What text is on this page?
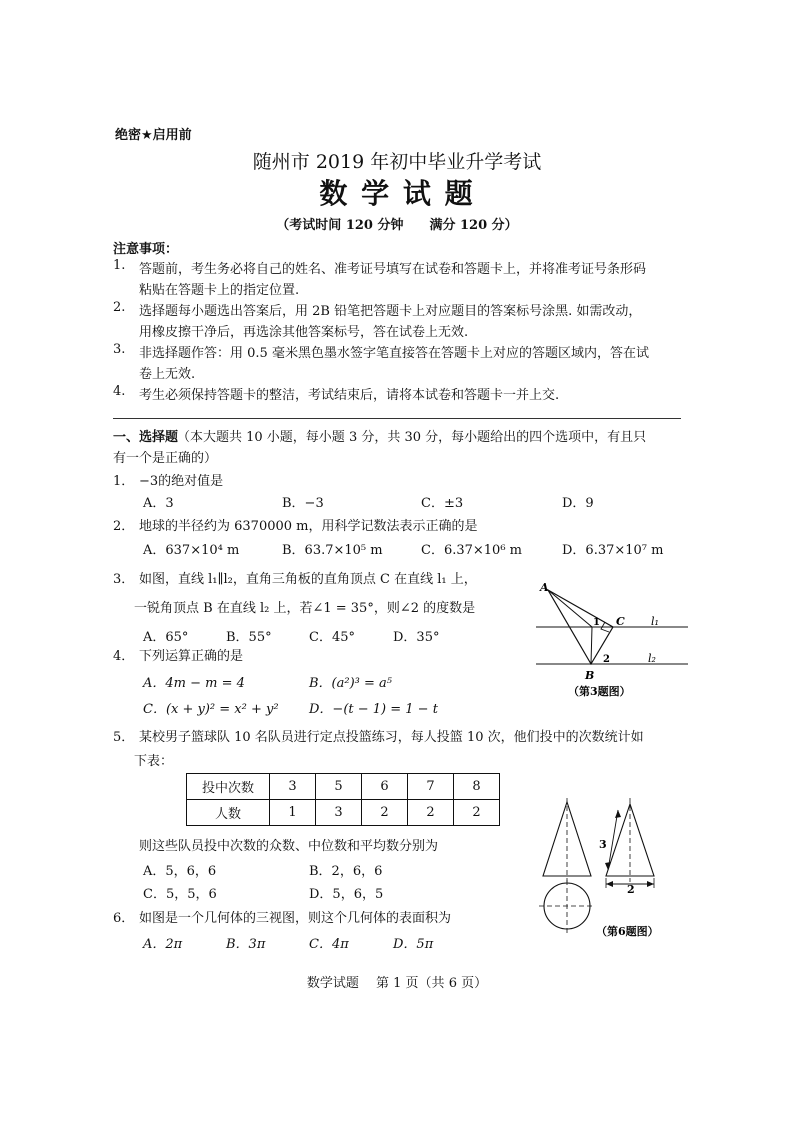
绝密★启用前
随州市 2019 年初中毕业升学考试
数 学 试 题
（考试时间 120 分钟　　满分 120 分）
注意事项：
1. 答题前，考生务必将自己的姓名、准考证号填写在试卷和答题卡上，并将准考证号条形码
粘贴在答题卡上的指定位置.
2. 选择题每小题选出答案后，用 2B 铅笔把答题卡上对应题目的答案标号涂黑. 如需改动，
用橡皮擦干净后，再选涂其他答案标号，答在试卷上无效.
3. 非选择题作答：用 0.5 毫米黑色墨水签字笔直接答在答题卡上对应的答题区域内，答在试
卷上无效.
4. 考生必须保持答题卡的整洁，考试结束后，请将本试卷和答题卡一并上交.
一、选择题
（本大题共 10 小题，每小题 3 分，共 30 分，每小题给出的四个选项中，有且只
有一个是正确的）
1． −3的绝对值是
A．3	B．−3	C．±3	D．9
2． 地球的半径约为 6370000 m，用科学记数法表示正确的是
A．637×10⁴ m	B．63.7×10⁵ m	C．6.37×10⁶ m	D．6.37×10⁷ m
3． 如图，直线 l₁∥l₂，直角三角板的直角顶点 C 在直线 l₁ 上，
一锐角顶点 B 在直线 l₂ 上，若∠1 = 35°，则∠2 的度数是
A．65°	B．55°	C．45°	D．35°
A
B
C
1
2
l₁
l₂
（第3题图）
4． 下列运算正确的是
A．4m − m = 4	B．(a²)³ = a⁵
C．(x + y)² = x² + y² D．−(t − 1) = 1 − t
5． 某校男子篮球队 10 名队员进行定点投篮练习，每人投篮 10 次，他们投中的次数统计如
下表：
投中次数	3	5	6	7	8
人数	1	3	2	2	2
则这些队员投中次数的众数、中位数和平均数分别为
A．5，6，6	B．2，6，6
C．5，5，6	D．5，6，5
6． 如图是一个几何体的三视图，则这个几何体的表面积为
A．2π	B．3π	C．4π	D．5π
3
2
（第6题图）
数学试题　 第 1 页（共 6 页）
